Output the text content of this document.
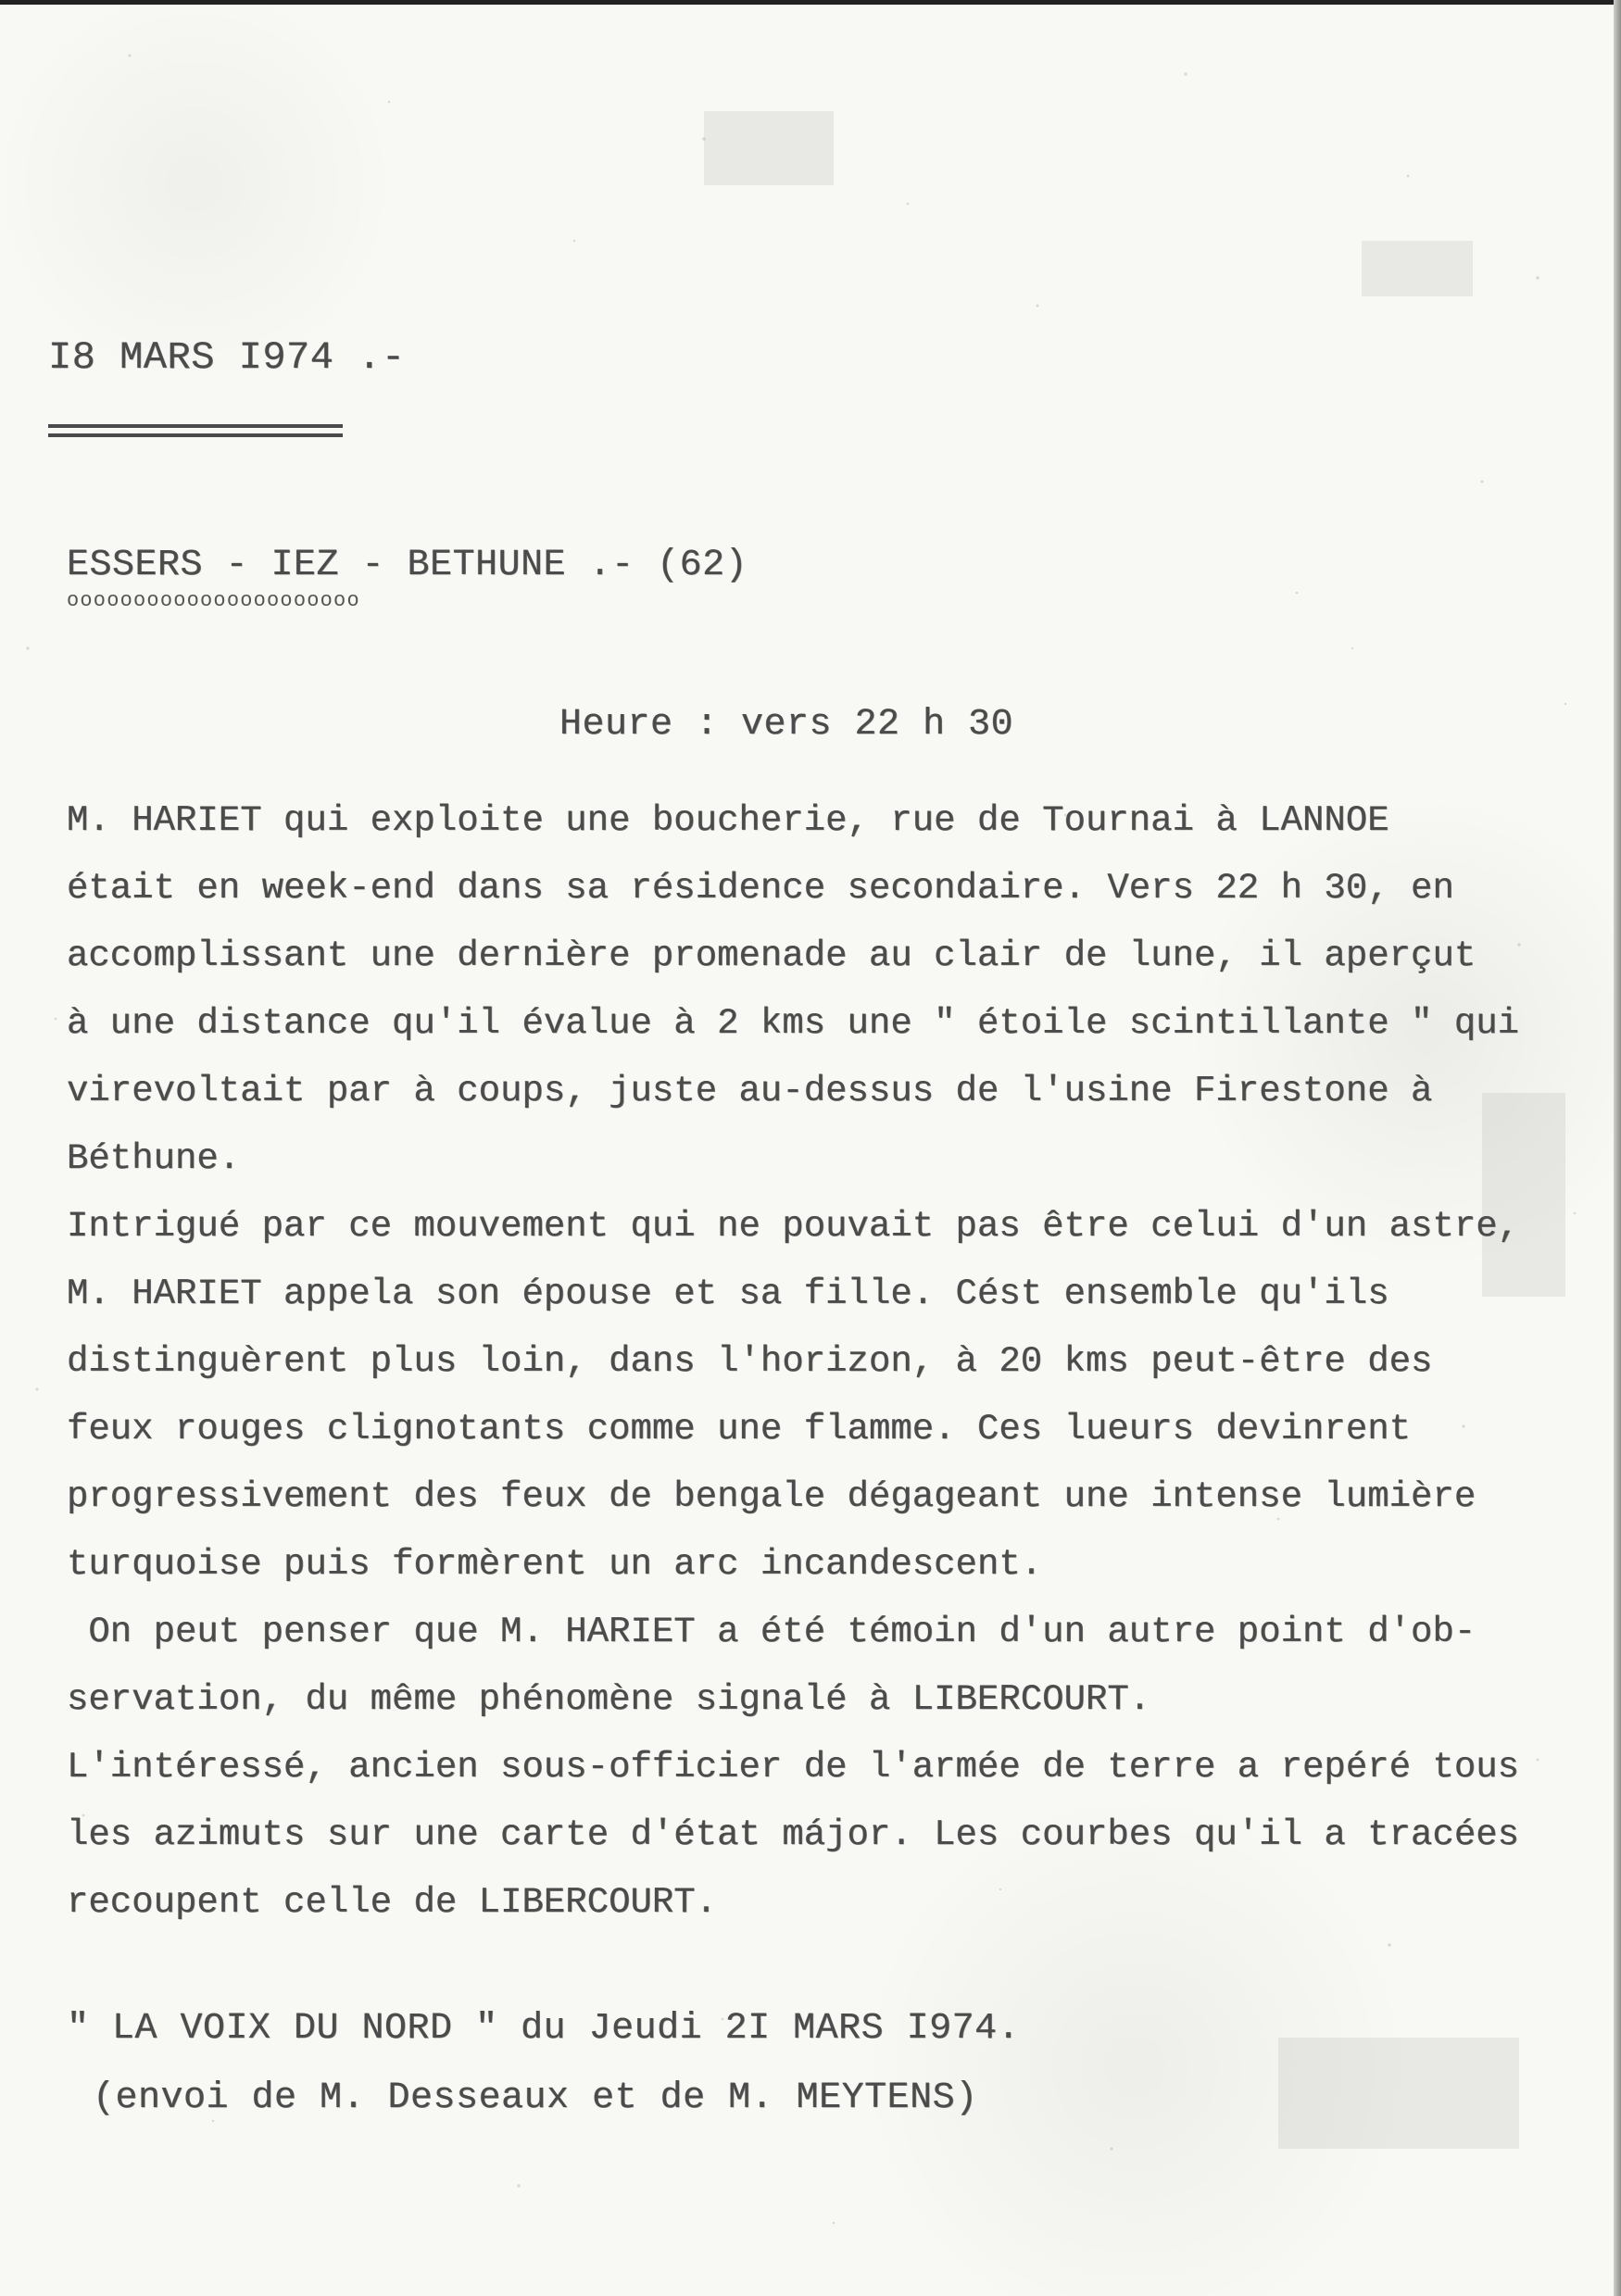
I8 MARS I974 .-
ESSERS - IEZ - BETHUNE .- (62)
oooooooooooooooooooooo
Heure : vers 22 h 30
M. HARIET qui exploite une boucherie, rue de Tournai à LANNOE
était en week-end dans sa résidence secondaire. Vers 22 h 30, en
accomplissant une dernière promenade au clair de lune, il aperçut
à une distance qu'il évalue à 2 kms une " étoile scintillante " qui
virevoltait par à coups, juste au-dessus de l'usine Firestone à
Béthune.
Intrigué par ce mouvement qui ne pouvait pas être celui d'un astre,
M. HARIET appela son épouse et sa fille. Cést ensemble qu'ils
distinguèrent plus loin, dans l'horizon, à 20 kms peut-être des
feux rouges clignotants comme une flamme. Ces lueurs devinrent
progressivement des feux de bengale dégageant une intense lumière
turquoise puis formèrent un arc incandescent.
On peut penser que M. HARIET a été témoin d'un autre point d'ob-
servation, du même phénomène signalé à LIBERCOURT.
L'intéressé, ancien sous-officier de l'armée de terre a repéré tous
les azimuts sur une carte d'état májor. Les courbes qu'il a tracées
recoupent celle de LIBERCOURT.
" LA VOIX DU NORD " du Jeudi 2I MARS I974.
(envoi de M. Desseaux et de M. MEYTENS)
